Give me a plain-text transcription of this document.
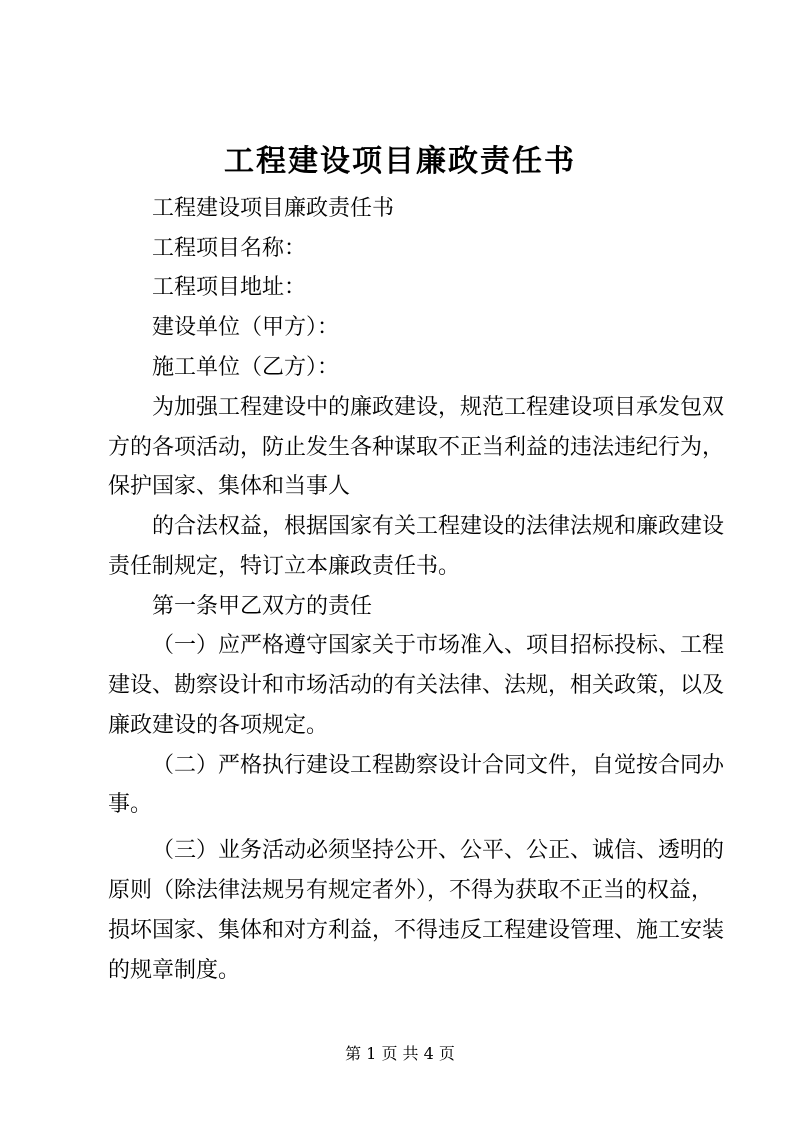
工程建设项目廉政责任书
工程建设项目廉政责任书
工程项目名称：
工程项目地址：
建设单位（甲方）：
施工单位（乙方）：
为加强工程建设中的廉政建设，规范工程建设项目承发包双
方的各项活动，防止发生各种谋取不正当利益的违法违纪行为，
保护国家、集体和当事人
的合法权益，根据国家有关工程建设的法律法规和廉政建设
责任制规定，特订立本廉政责任书。
第一条甲乙双方的责任
（一）应严格遵守国家关于市场准入、项目招标投标、工程
建设、勘察设计和市场活动的有关法律、法规，相关政策，以及
廉政建设的各项规定。
（二）严格执行建设工程勘察设计合同文件，自觉按合同办
事。
（三）业务活动必须坚持公开、公平、公正、诚信、透明的
原则（除法律法规另有规定者外），不得为获取不正当的权益，
损坏国家、集体和对方利益，不得违反工程建设管理、施工安装
的规章制度。
第 1 页 共 4 页
